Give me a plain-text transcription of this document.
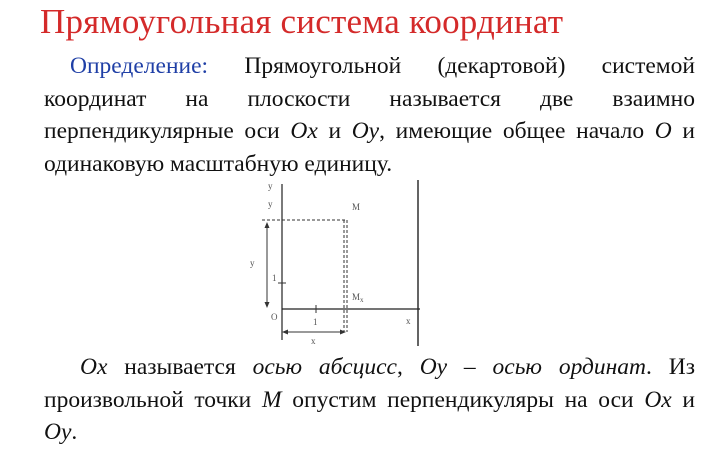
Прямоугольная система координат

Определение: Прямоугольной (декартовой) системой координат на плоскости называется две взаимно перпендикулярные оси Ox и Oy, имеющие общее начало O и одинаковую масштабную единицу.

y
y	M
y
1
$M_x$
O	1
x
x

Ox называется осью абсцисс, Oy – осью ординат. Из произвольной точки M опустим перпендикуляры на оси Ox и Oy.
